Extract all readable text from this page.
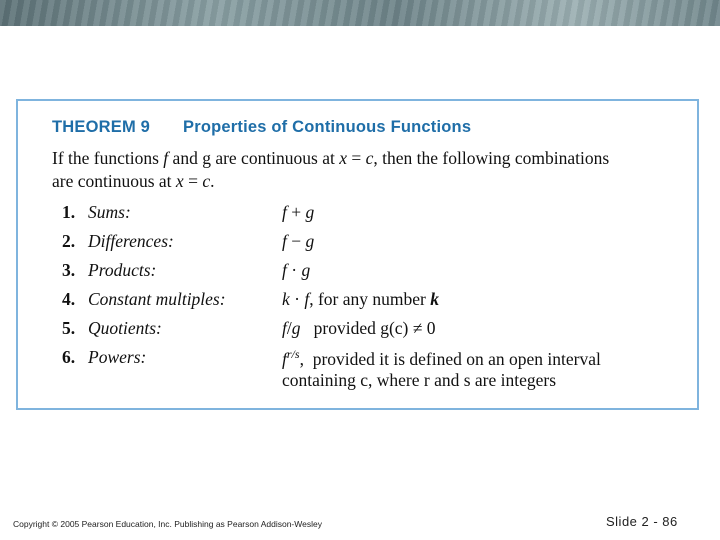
THEOREM 9 Properties of Continuous Functions
If the functions f and g are continuous at x = c, then the following combinations
are continuous at x = c.
1. Sums:	f + g
2. Differences:	f − g
3. Products:	f · g
4. Constant multiples:	k · f, for any number k
5. Quotients:	f/g   provided g(c) ≠ 0
6. Powers:	$f^{r/s}$,  provided it is defined on an open interval
containing c, where r and s are integers
Copyright © 2005 Pearson Education, Inc. Publishing as Pearson Addison-Wesley	Slide 2 - 86
